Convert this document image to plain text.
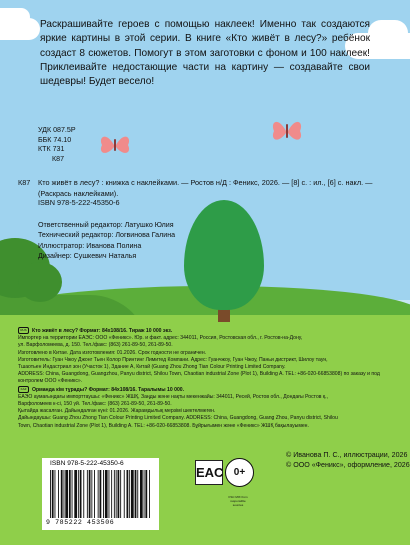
Раскрашивайте героев с помощью наклеек! Именно так создаются яркие картины в этой серии. В книге «Кто живёт в лесу?» ребёнок создаст 8 сюжетов. Помогут в этом заготовки с фоном и 100 наклеек! Приклеивайте недостающие части на картину — создавайте свои шедевры! Будет весело!
УДК 087.5Р
ББК 74.10
КТК 731
К87
К87 Кто живёт в лесу? : книжка с наклейками. — Ростов н/Д : Феникс, 2026. — [8] с. : ил., [6] с. накл. — (Раскрась наклейками).
ISBN 978-5-222-45350-6
Ответственный редактор: Латушко Юлия
Технический редактор: Логвинова Галина
Иллюстратор: Иванова Полина
Дизайнер: Сушкевич Наталья

RUS Кто живёт в лесу? Формат: 84х108/16. Тираж 10 000 экз.

Импортер на территории ЕАЭС: ООО «Феникс». Юр. и факт. адрес: 344011, Россия, Ростовская обл., г. Ростов-на-Дону,

ул. Варфоломеева, д. 150. Тел./факс: (863) 261-89-50, 261-89-50.

Изготовлено в Китае. Дата изготовления: 01.2026. Срок годности не ограничен.

Изготовитель: Гуан Чжоу Джонг Тьен Колор Принтинг Лимитед Компани. Адрес: Гуанчжоу, Гуан Чжоу, Паньи дистрикт, Шилоу таун,

Тшаотьен Индастриал зон (Участок 1), Здание А, Китай (Guang Zhou Zhong Tian Colour Printing Limited Company.

ADDRESS: China, Guangdong, Guangzhou, Panyu district, Shilou Town, Chaotian industrial Zone (Plot 1), Building A. TEL: +86-020-66853808) по заказу и под контролем ООО «Феникс».

KAZ Ормандa кім тұрады? Формат: 84х108/16. Таралымы 10 000.

ЕАЭО аумағындағы импорттаушы: «Феникс» ЖШҚ. Заңды және нақты мекенжайы: 344011, Ресей, Ростов обл., Дондағы Ростов қ.,

Варфоломеев к-сі, 150 үй. Тел./факс: (863) 261-89-50, 261-89-50.

Қытайда жасалған. Дайындалған күні: 01.2026. Жарамдылық мерзімі шектелмеген.

Дайындаушы: Guang Zhou Zhong Tian Colour Printing Limited Company. ADDRESS: China, Guangdong, Guang Zhou, Panyu district, Shilou

Town, Chaotian industrial Zone (Plot 1), Building A. TEL: +86-020-66853808. Бұйрығымен және «Феникс» ЖШҚ бақылауымен.

ISBN 978-5-222-45350-6
9 785222 453506
EAC	0+
FSC MIX from responsible sources
© Иванова П. С., иллюстрации, 2026
© ООО «Феникс», оформление, 2026
